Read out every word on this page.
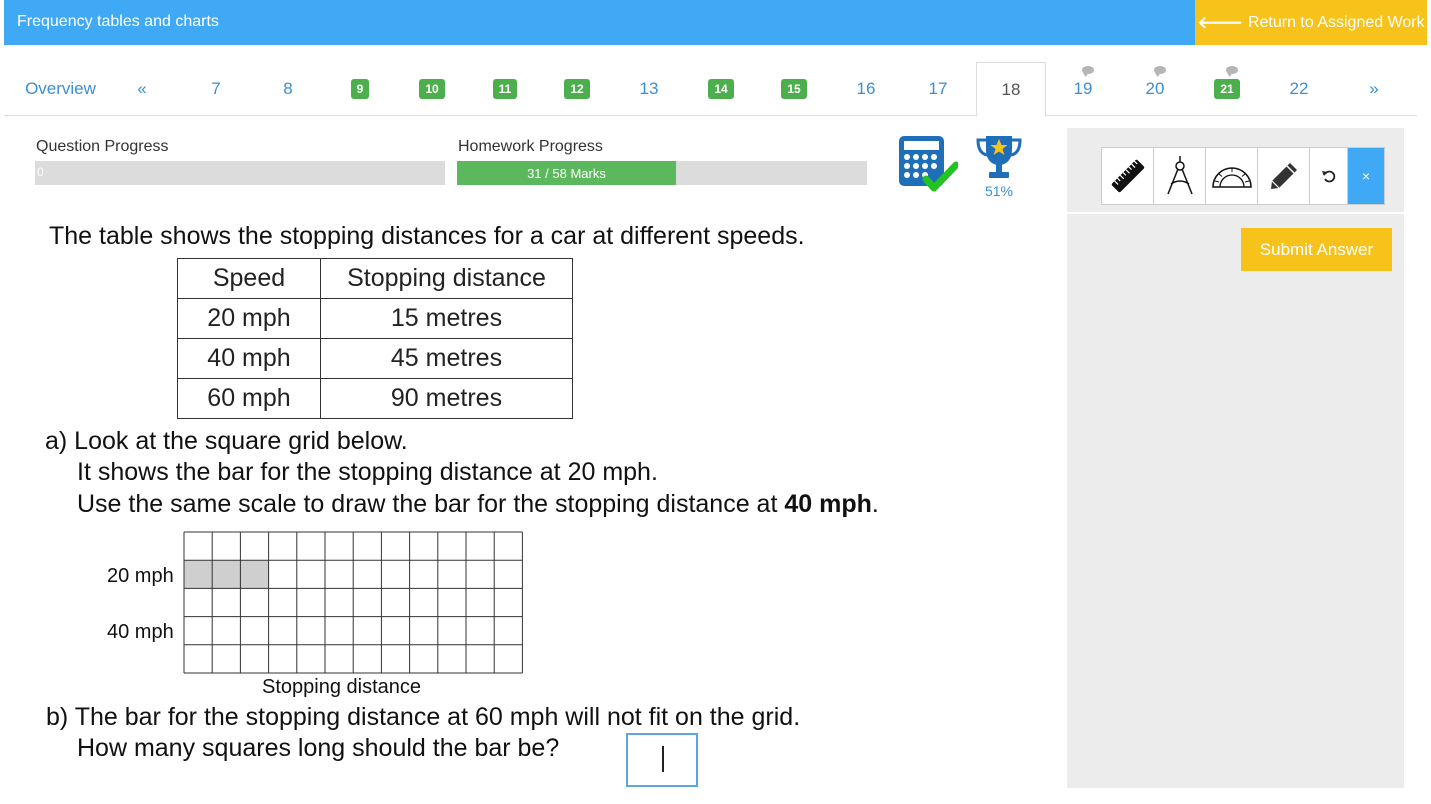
Frequency tables and charts	🡐 Return to Assigned Work
Overview «	7	8	9	10	11	12	13	14	15	16	17	18	19	20	21	22	»
Question Progress
0
Homework Progress
31 / 58 Marks
51%
The table shows the stopping distances for a car at different speeds.
Speed	Stopping distance
20 mph	15 metres
40 mph	45 metres
60 mph	90 metres
a) Look at the square grid below.
It shows the bar for the stopping distance at 20 mph.
Use the same scale to draw the bar for the stopping distance at 40 mph.
20 mph
40 mph
Stopping distance
b) The bar for the stopping distance at 60 mph will not fit on the grid.
How many squares long should the bar be?
×
Submit Answer
